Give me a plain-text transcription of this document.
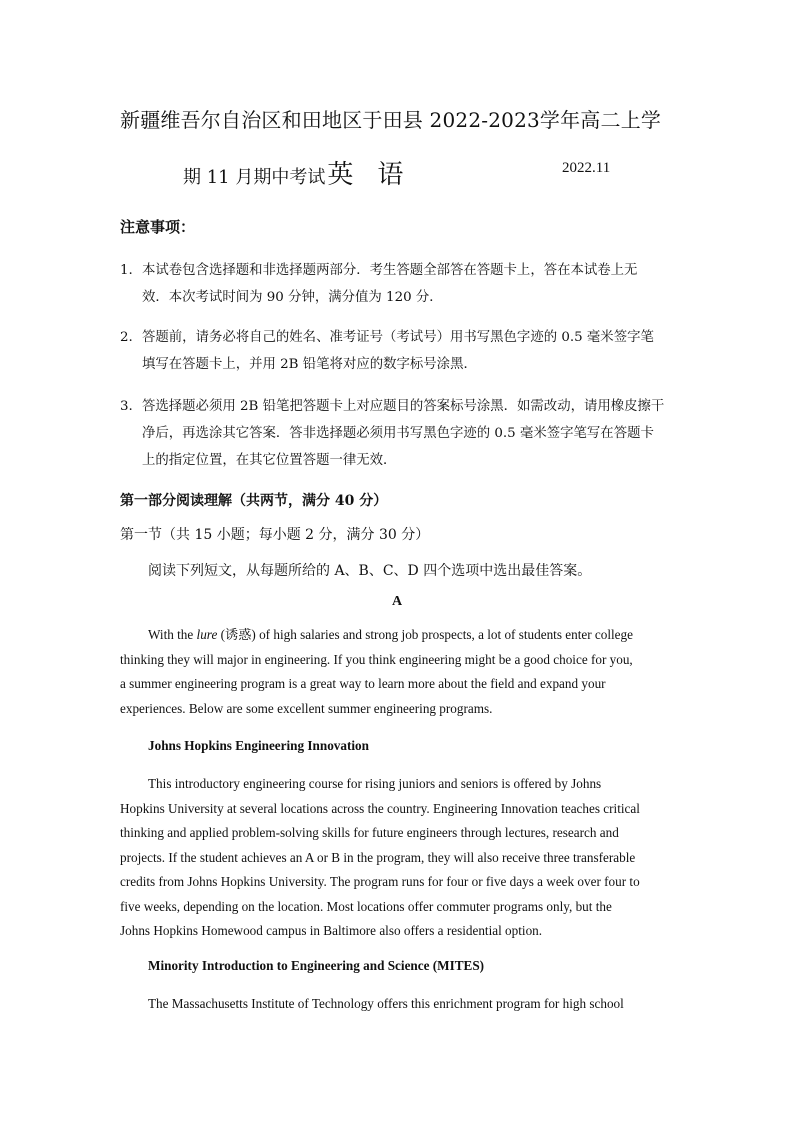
新疆维吾尔自治区和田地区于田县 2022-2023学年高二上学
期 11 月期中考试英 语	2022.11
注意事项：
1. 本试卷包含选择题和非选择题两部分．考生答题全部答在答题卡上，答在本试卷上无
效．本次考试时间为 90 分钟，满分值为 120 分．
2. 答题前，请务必将自己的姓名、准考证号（考试号）用书写黑色字迹的 0.5 毫米签字笔
填写在答题卡上，并用 2B 铅笔将对应的数字标号涂黑．
3. 答选择题必须用 2B 铅笔把答题卡上对应题目的答案标号涂黑．如需改动，请用橡皮擦干
净后，再选涂其它答案．答非选择题必须用书写黑色字迹的 0.5 毫米签字笔写在答题卡
上的指定位置，在其它位置答题一律无效．
第一部分阅读理解（共两节，满分 40 分）
第一节（共 15 小题；每小题 2 分，满分 30 分）
阅读下列短文，从每题所给的 A、B、C、D 四个选项中选出最佳答案。
A
With the lure (诱惑) of high salaries and strong job prospects, a lot of students enter college
thinking they will major in engineering. If you think engineering might be a good choice for you,
a summer engineering program is a great way to learn more about the field and expand your
experiences. Below are some excellent summer engineering programs.
Johns Hopkins Engineering Innovation
This introductory engineering course for rising juniors and seniors is offered by Johns
Hopkins University at several locations across the country. Engineering Innovation teaches critical
thinking and applied problem-solving skills for future engineers through lectures, research and
projects. If the student achieves an A or B in the program, they will also receive three transferable
credits from Johns Hopkins University. The program runs for four or five days a week over four to
five weeks, depending on the location. Most locations offer commuter programs only, but the
Johns Hopkins Homewood campus in Baltimore also offers a residential option.
Minority Introduction to Engineering and Science (MITES)
The Massachusetts Institute of Technology offers this enrichment program for high school
